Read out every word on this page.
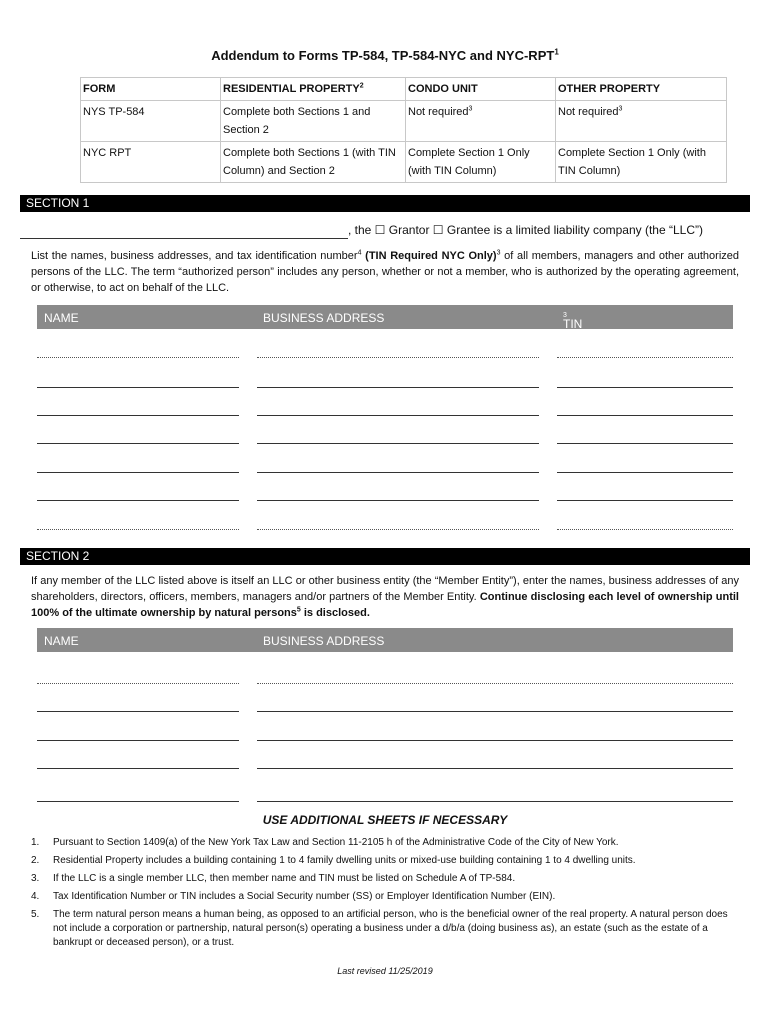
Addendum to Forms TP-584, TP-584-NYC and NYC-RPT$^1$
FORM	RESIDENTIAL PROPERTY$^2$	CONDO UNIT	OTHER PROPERTY
NYS TP-584	Complete both Sections 1 and Section 2	Not required$^3$	Not required$^3$
NYC RPT	Complete both Sections 1 (with TIN Column) and Section 2	Complete Section 1 Only (with TIN Column)	Complete Section 1 Only (with TIN Column)
SECTION 1
, the ☐ Grantor ☐ Grantee is a limited liability company (the “LLC”)
List the names, business addresses, and tax identification number$^4$ (TIN Required NYC Only)$^3$ of all members, managers and other authorized persons of the LLC. The term “authorized person” includes any person, whether or not a member, who is authorized by the operating agreement, or otherwise, to act on behalf of the LLC.
NAME	BUSINESS ADDRESS	TIN (Required NYC Only)
$^3$
SECTION 2
If any member of the LLC listed above is itself an LLC or other business entity (the “Member Entity”), enter the names, business addresses of any shareholders, directors, officers, members, managers and/or partners of the Member Entity. Continue disclosing each level of ownership until 100% of the ultimate ownership by natural persons$^5$ is disclosed.
NAME	BUSINESS ADDRESS
USE ADDITIONAL SHEETS IF NECESSARY
1.	Pursuant to Section 1409(a) of the New York Tax Law and Section 11-2105 h of the Administrative Code of the City of New York.
2.	Residential Property includes a building containing 1 to 4 family dwelling units or mixed-use building containing 1 to 4 dwelling units.
3.	If the LLC is a single member LLC, then member name and TIN must be listed on Schedule A of TP-584.
4.	Tax Identification Number or TIN includes a Social Security number (SS) or Employer Identification Number (EIN).
5.	The term natural person means a human being, as opposed to an artificial person, who is the beneficial owner of the real property. A natural person does not include a corporation or partnership, natural person(s) operating a business under a d/b/a (doing business as), an estate (such as the estate of a bankrupt or deceased person), or a trust.
Last revised 11/25/2019
